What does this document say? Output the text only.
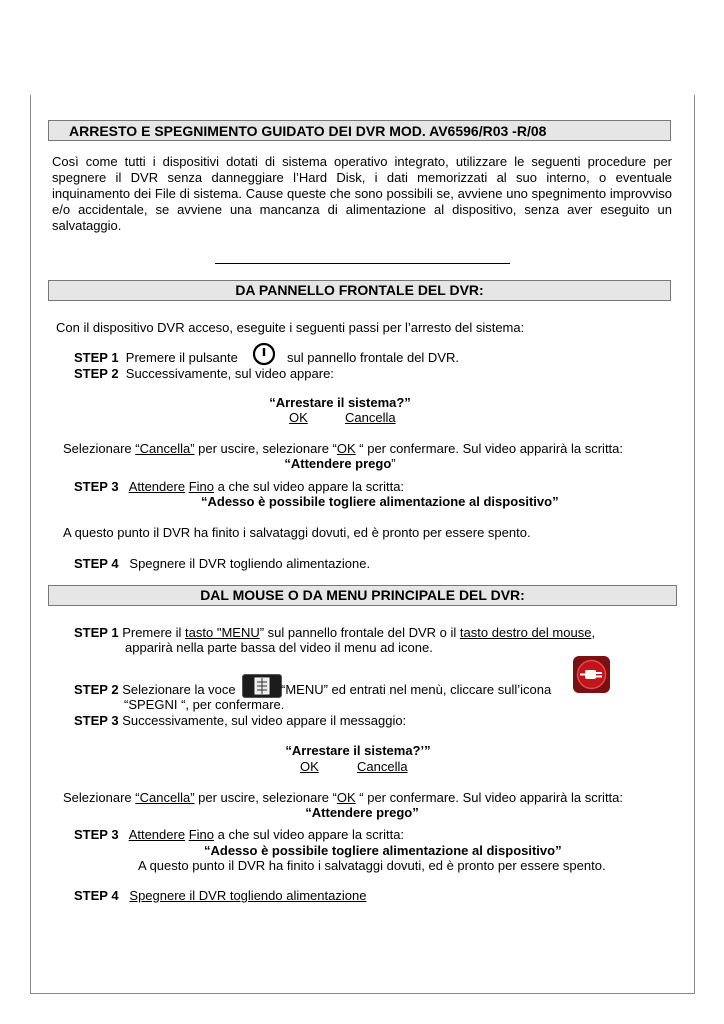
ARRESTO E SPEGNIMENTO GUIDATO DEI DVR MOD. AV6596/R03 -R/08
Così come tutti i dispositivi dotati di sistema operativo integrato, utilizzare le seguenti procedure per spegnere il DVR senza danneggiare l’Hard Disk, i dati memorizzati al suo interno, o eventuale inquinamento dei File di sistema. Cause queste che sono possibili se, avviene uno spegnimento improvviso e/o accidentale, se avviene una mancanza di alimentazione al dispositivo, senza aver eseguito un salvataggio.
DA PANNELLO FRONTALE DEL DVR:
Con il dispositivo DVR acceso, eseguite i seguenti passi per l’arresto del sistema:
STEP 1 Premere il pulsante	sul pannello frontale del DVR.
STEP 2 Successivamente, sul video appare:
“Arrestare il sistema?”
OK	Cancella
Selezionare “Cancella” per uscire, selezionare “OK “ per confermare. Sul video apparirà la scritta:
“Attendere prego”
STEP 3 Attendere Fino a che sul video appare la scritta:
“Adesso è possibile togliere alimentazione al dispositivo”
A questo punto il DVR ha finito i salvataggi dovuti, ed è pronto per essere spento.
STEP 4 Spegnere il DVR togliendo alimentazione.
DAL MOUSE O DA MENU PRINCIPALE DEL DVR:
STEP 1 Premere il tasto "MENU” sul pannello frontale del DVR o il tasto destro del mouse,
apparirà nella parte bassa del video il menu ad icone.
STEP 2 Selezionare la voce	“MENU” ed entrati nel menù, cliccare sull’icona
“SPEGNI “, per confermare.
STEP 3 Successivamente, sul video appare il messaggio:
“Arrestare il sistema?’”
OK	Cancella
Selezionare “Cancella” per uscire, selezionare “OK “ per confermare. Sul video apparirà la scritta:
“Attendere prego”
STEP 3 Attendere Fino a che sul video appare la scritta:
“Adesso è possibile togliere alimentazione al dispositivo”
A questo punto il DVR ha finito i salvataggi dovuti, ed è pronto per essere spento.
STEP 4 Spegnere il DVR togliendo alimentazione
